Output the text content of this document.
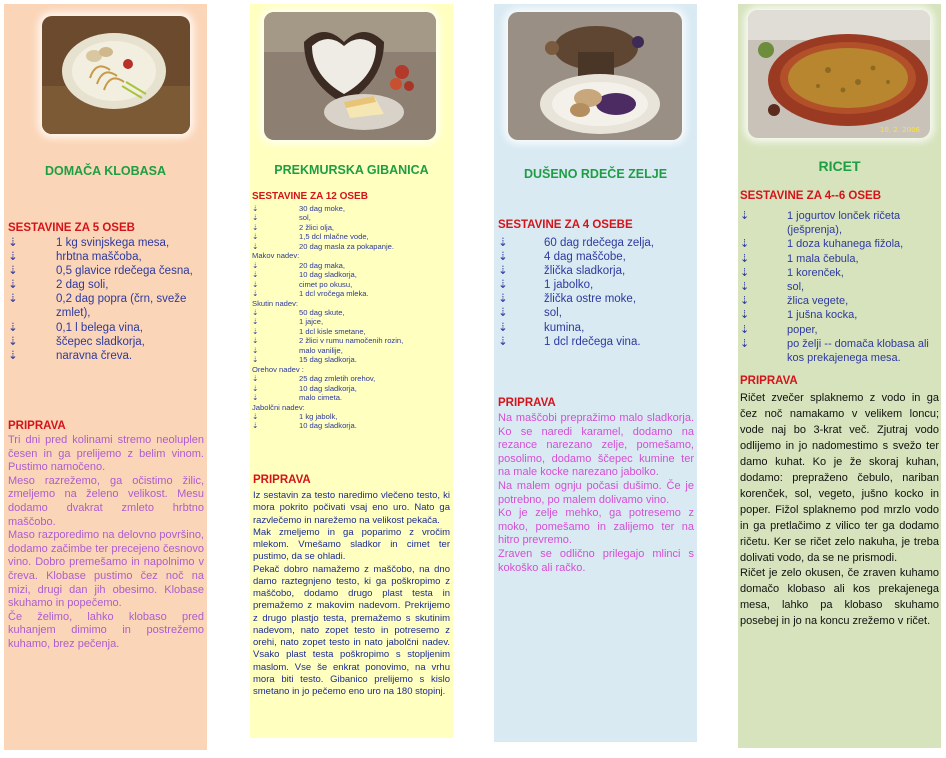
DOMAČA KLOBASA
SESTAVINE ZA 5 OSEB
⇣	1 kg svinjskega mesa,
⇣	hrbtna maščoba,
⇣	0,5 glavice rdečega česna,
⇣	2 dag soli,
⇣	0,2 dag popra (črn, sveže zmlet),
⇣	0,1 l belega vina,
⇣	ščepec sladkorja,
⇣	naravna čreva.
PRIPRAVA

Tri dni pred kolinami stremo neoluplen česen in ga prelijemo z belim vinom. Pustimo namočeno.

Meso razrežemo, ga očistimo žilic, zmeljemo na želeno velikost. Mesu dodamo dvakrat zmleto hrbtno maščobo.

Maso razporedimo na delovno površino, dodamo začimbe ter precejeno česnovo vino. Dobro premešamo in napolnimo v čreva. Klobase pustimo čez noč na mizi, drugi dan jih obesimo. Klobase skuhamo in popečemo.

Če želimo, lahko klobaso pred kuhanjem dimimo in postrežemo kuhamo, brez pečenja.

PREKMURSKA GIBANICA
SESTAVINE ZA 12 OSEB
⇣	30 dag moke,
⇣	sol,
⇣	2 žlici olja,
⇣	1,5 dcl mlačne vode,
⇣	20 dag masla za pokapanje.
Makov nadev:
⇣	20 dag maka,
⇣	10 dag sladkorja,
⇣	cimet po okusu,
⇣	1 dcl vročega mleka.
Skutin nadev:
⇣	50 dag skute,
⇣	1 jajce,
⇣	1 dcl kisle smetane,
⇣	2 žlici v rumu namočenih rozin,
⇣	malo vanilije,
⇣	15 dag sladkorja.
Orehov nadev :
⇣	25 dag zmletih orehov,
⇣	10 dag sladkorja,
⇣	malo cimeta.
Jabolčni nadev:
⇣	1 kg jabolk,
⇣	10 dag sladkorja.
PRIPRAVA

Iz sestavin za testo naredimo vlečeno testo, ki mora pokrito počivati vsaj eno uro. Nato ga razvlečemo in narežemo na velikost pekača.

Mak zmeljemo in ga poparimo z vročim mlekom. Vmešamo sladkor in cimet ter pustimo, da se ohladi.

Pekač dobro namažemo z maščobo, na dno damo raztegnjeno testo, ki ga poškropimo z maščobo, dodamo drugo plast testa in premažemo z makovim nadevom. Prekrijemo z drugo plastjo testa, premažemo s skutinim nadevom, nato zopet testo in potresemo z orehi, nato zopet testo in nato jabolčni nadev. Vsako plast testa poškropimo s stopljenim maslom. Vse še enkrat ponovimo, na vrhu mora biti testo. Gibanico prelijemo s kislo smetano in jo pečemo eno uro na 180 stopinj.

DUŠENO RDEČE ZELJE
SESTAVINE ZA 4 OSEBE
⇣	60 dag rdečega zelja,
⇣	4 dag maščobe,
⇣	žlička sladkorja,
⇣	1 jabolko,
⇣	žlička ostre moke,
⇣	sol,
⇣	kumina,
⇣	1 dcl rdečega vina.
PRIPRAVA

Na maščobi prepražimo malo sladkorja. Ko se naredi karamel, dodamo na rezance narezano zelje, pomešamo, posolimo, dodamo ščepec kumine ter na male kocke narezano jabolko.

Na malem ognju počasi dušimo. Če je potrebno, po malem dolivamo vino.

Ko je zelje mehko, ga potresemo z moko, pomešamo in zalijemo ter na hitro prevremo.

Zraven se odlično prilegajo mlinci s kokoško ali račko.

10. 2. 2006
RICET
SESTAVINE ZA 4--6 OSEB
⇣	1 jogurtov lonček ričeta (ješprenja),
⇣	1 doza kuhanega fižola,
⇣	1 mala čebula,
⇣	1 korenček,
⇣	sol,
⇣	žlica vegete,
⇣	1 jušna kocka,
⇣	poper,
⇣	po želji -- domača klobasa ali kos prekajenega mesa.
PRIPRAVA

Ričet zvečer splaknemo z vodo in ga čez noč namakamo v velikem loncu; vode naj bo 3-krat več. Zjutraj vodo odlijemo in jo nadomestimo s svežo ter damo kuhat. Ko je že skoraj kuhan, dodamo: prepraženo čebulo, nariban korenček, sol, vegeto, jušno kocko in poper. Fižol splaknemo pod mrzlo vodo in ga pretlačimo z vilico ter ga dodamo ričetu. Ker se ričet zelo nakuha, je treba dolivati vodo, da se ne prismodi.

Ričet je zelo okusen, če zraven kuhamo domačo klobaso ali kos prekajenega mesa, lahko pa klobaso skuhamo posebej in jo na koncu zrežemo v ričet.
